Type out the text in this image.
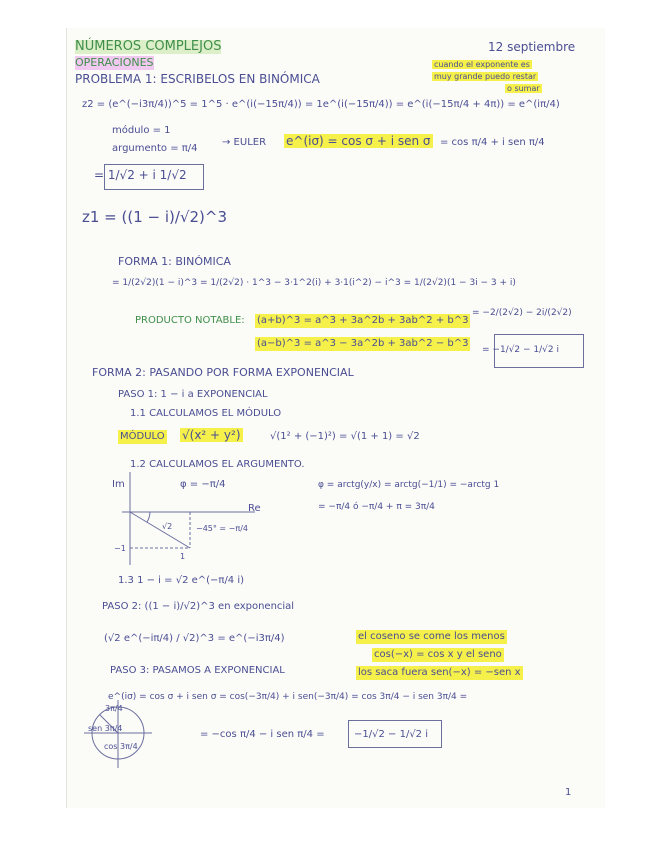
NÚMEROS COMPLEJOS	12 septiembre
OPERACIONES	cuando el exponente es
muy grande puedo restar
o sumar
PROBLEMA 1: ESCRIBELOS EN BINÓMICA
z2 = (e^(−i3π/4))^5 = 1^5 · e^(i(−15π/4)) = 1e^(i(−15π/4)) = e^(i(−15π/4 + 4π)) = e^(iπ/4)
módulo = 1
argumento = π/4
→ EULER e^(iσ) = cos σ + i sen σ = cos π/4 + i sen π/4
= 1/√2 + i 1/√2
z1 = ((1 − i)/√2)^3
FORMA 1: BINÓMICA
= 1/(2√2)(1 − i)^3 = 1/(2√2) · 1^3 − 3·1^2(i) + 3·1(i^2) − i^3 = 1/(2√2)(1 − 3i − 3 + i)
PRODUCTO NOTABLE: (a+b)^3 = a^3 + 3a^2b + 3ab^2 + b^3
(a−b)^3 = a^3 − 3a^2b + 3ab^2 − b^3
= −2/(2√2) − 2i/(2√2)
= −1/√2 − 1/√2 i
FORMA 2: PASANDO POR FORMA EXPONENCIAL
PASO 1: 1 − i a EXPONENCIAL
1.1 CALCULAMOS EL MÓDULO
MÓDULO √(x² + y²)	√(1² + (−1)²) = √(1 + 1) = √2
1.2 CALCULAMOS EL ARGUMENTO.
φ = arctg(y/x) = arctg(−1/1) = −arctg 1
= −π/4 ó −π/4 + π = 3π/4
Im
Re
φ = −π/4
−1
√2	−45° = −π/4
1
1.3 1 − i = √2 e^(−π/4 i)
PASO 2: ((1 − i)/√2)^3 en exponencial
(√2 e^(−iπ/4) / √2)^3 = e^(−i3π/4)	el coseno se come los menos
cos(−x) = cos x y el seno
los saca fuera sen(−x) = −sen x
PASO 3: PASAMOS A EXPONENCIAL
e^(iσ) = cos σ + i sen σ = cos(−3π/4) + i sen(−3π/4) = cos 3π/4 − i sen 3π/4 =
= −cos π/4 − i sen π/4 =	−1/√2 − 1/√2 i
3π/4
sen 3π/4
cos 3π/4
1
